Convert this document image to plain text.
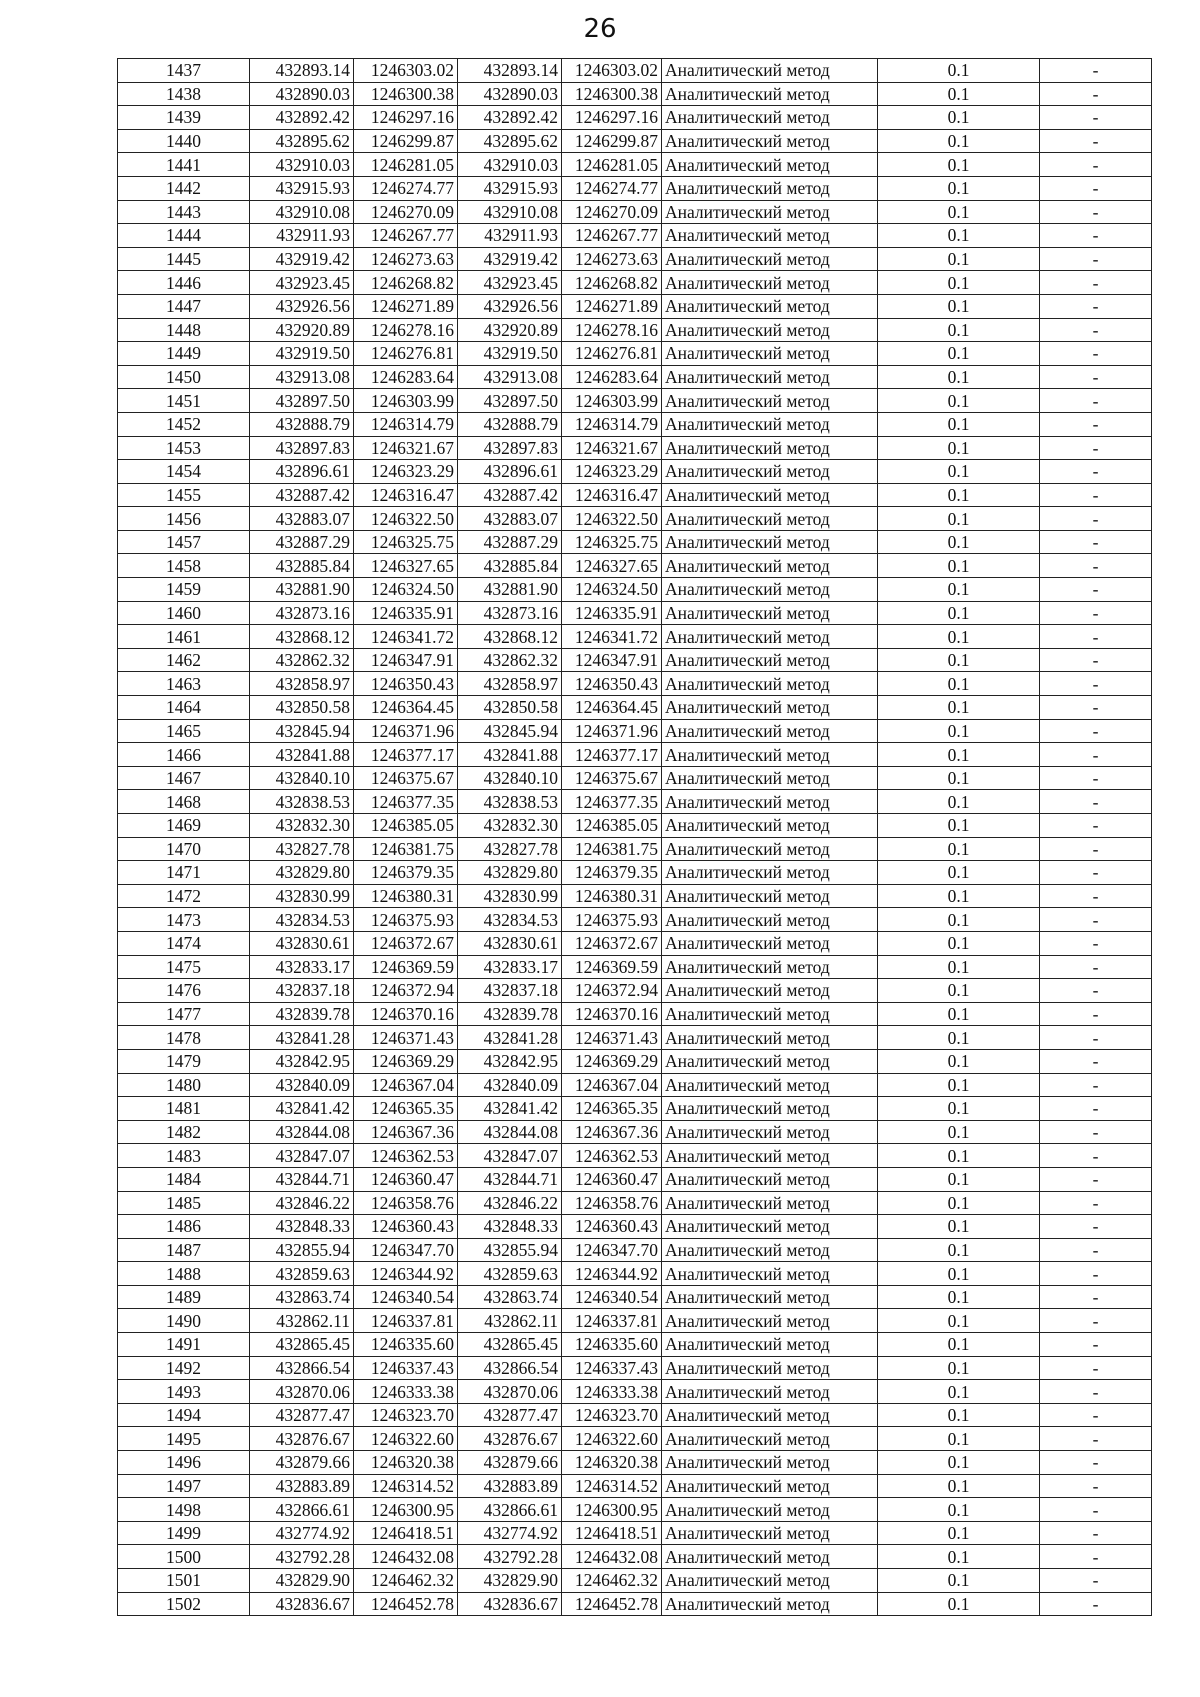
26
1437	432893.14	1246303.02	432893.14	1246303.02	Аналитический метод	0.1	-
1438	432890.03	1246300.38	432890.03	1246300.38	Аналитический метод	0.1	-
1439	432892.42	1246297.16	432892.42	1246297.16	Аналитический метод	0.1	-
1440	432895.62	1246299.87	432895.62	1246299.87	Аналитический метод	0.1	-
1441	432910.03	1246281.05	432910.03	1246281.05	Аналитический метод	0.1	-
1442	432915.93	1246274.77	432915.93	1246274.77	Аналитический метод	0.1	-
1443	432910.08	1246270.09	432910.08	1246270.09	Аналитический метод	0.1	-
1444	432911.93	1246267.77	432911.93	1246267.77	Аналитический метод	0.1	-
1445	432919.42	1246273.63	432919.42	1246273.63	Аналитический метод	0.1	-
1446	432923.45	1246268.82	432923.45	1246268.82	Аналитический метод	0.1	-
1447	432926.56	1246271.89	432926.56	1246271.89	Аналитический метод	0.1	-
1448	432920.89	1246278.16	432920.89	1246278.16	Аналитический метод	0.1	-
1449	432919.50	1246276.81	432919.50	1246276.81	Аналитический метод	0.1	-
1450	432913.08	1246283.64	432913.08	1246283.64	Аналитический метод	0.1	-
1451	432897.50	1246303.99	432897.50	1246303.99	Аналитический метод	0.1	-
1452	432888.79	1246314.79	432888.79	1246314.79	Аналитический метод	0.1	-
1453	432897.83	1246321.67	432897.83	1246321.67	Аналитический метод	0.1	-
1454	432896.61	1246323.29	432896.61	1246323.29	Аналитический метод	0.1	-
1455	432887.42	1246316.47	432887.42	1246316.47	Аналитический метод	0.1	-
1456	432883.07	1246322.50	432883.07	1246322.50	Аналитический метод	0.1	-
1457	432887.29	1246325.75	432887.29	1246325.75	Аналитический метод	0.1	-
1458	432885.84	1246327.65	432885.84	1246327.65	Аналитический метод	0.1	-
1459	432881.90	1246324.50	432881.90	1246324.50	Аналитический метод	0.1	-
1460	432873.16	1246335.91	432873.16	1246335.91	Аналитический метод	0.1	-
1461	432868.12	1246341.72	432868.12	1246341.72	Аналитический метод	0.1	-
1462	432862.32	1246347.91	432862.32	1246347.91	Аналитический метод	0.1	-
1463	432858.97	1246350.43	432858.97	1246350.43	Аналитический метод	0.1	-
1464	432850.58	1246364.45	432850.58	1246364.45	Аналитический метод	0.1	-
1465	432845.94	1246371.96	432845.94	1246371.96	Аналитический метод	0.1	-
1466	432841.88	1246377.17	432841.88	1246377.17	Аналитический метод	0.1	-
1467	432840.10	1246375.67	432840.10	1246375.67	Аналитический метод	0.1	-
1468	432838.53	1246377.35	432838.53	1246377.35	Аналитический метод	0.1	-
1469	432832.30	1246385.05	432832.30	1246385.05	Аналитический метод	0.1	-
1470	432827.78	1246381.75	432827.78	1246381.75	Аналитический метод	0.1	-
1471	432829.80	1246379.35	432829.80	1246379.35	Аналитический метод	0.1	-
1472	432830.99	1246380.31	432830.99	1246380.31	Аналитический метод	0.1	-
1473	432834.53	1246375.93	432834.53	1246375.93	Аналитический метод	0.1	-
1474	432830.61	1246372.67	432830.61	1246372.67	Аналитический метод	0.1	-
1475	432833.17	1246369.59	432833.17	1246369.59	Аналитический метод	0.1	-
1476	432837.18	1246372.94	432837.18	1246372.94	Аналитический метод	0.1	-
1477	432839.78	1246370.16	432839.78	1246370.16	Аналитический метод	0.1	-
1478	432841.28	1246371.43	432841.28	1246371.43	Аналитический метод	0.1	-
1479	432842.95	1246369.29	432842.95	1246369.29	Аналитический метод	0.1	-
1480	432840.09	1246367.04	432840.09	1246367.04	Аналитический метод	0.1	-
1481	432841.42	1246365.35	432841.42	1246365.35	Аналитический метод	0.1	-
1482	432844.08	1246367.36	432844.08	1246367.36	Аналитический метод	0.1	-
1483	432847.07	1246362.53	432847.07	1246362.53	Аналитический метод	0.1	-
1484	432844.71	1246360.47	432844.71	1246360.47	Аналитический метод	0.1	-
1485	432846.22	1246358.76	432846.22	1246358.76	Аналитический метод	0.1	-
1486	432848.33	1246360.43	432848.33	1246360.43	Аналитический метод	0.1	-
1487	432855.94	1246347.70	432855.94	1246347.70	Аналитический метод	0.1	-
1488	432859.63	1246344.92	432859.63	1246344.92	Аналитический метод	0.1	-
1489	432863.74	1246340.54	432863.74	1246340.54	Аналитический метод	0.1	-
1490	432862.11	1246337.81	432862.11	1246337.81	Аналитический метод	0.1	-
1491	432865.45	1246335.60	432865.45	1246335.60	Аналитический метод	0.1	-
1492	432866.54	1246337.43	432866.54	1246337.43	Аналитический метод	0.1	-
1493	432870.06	1246333.38	432870.06	1246333.38	Аналитический метод	0.1	-
1494	432877.47	1246323.70	432877.47	1246323.70	Аналитический метод	0.1	-
1495	432876.67	1246322.60	432876.67	1246322.60	Аналитический метод	0.1	-
1496	432879.66	1246320.38	432879.66	1246320.38	Аналитический метод	0.1	-
1497	432883.89	1246314.52	432883.89	1246314.52	Аналитический метод	0.1	-
1498	432866.61	1246300.95	432866.61	1246300.95	Аналитический метод	0.1	-
1499	432774.92	1246418.51	432774.92	1246418.51	Аналитический метод	0.1	-
1500	432792.28	1246432.08	432792.28	1246432.08	Аналитический метод	0.1	-
1501	432829.90	1246462.32	432829.90	1246462.32	Аналитический метод	0.1	-
1502	432836.67	1246452.78	432836.67	1246452.78	Аналитический метод	0.1	-
